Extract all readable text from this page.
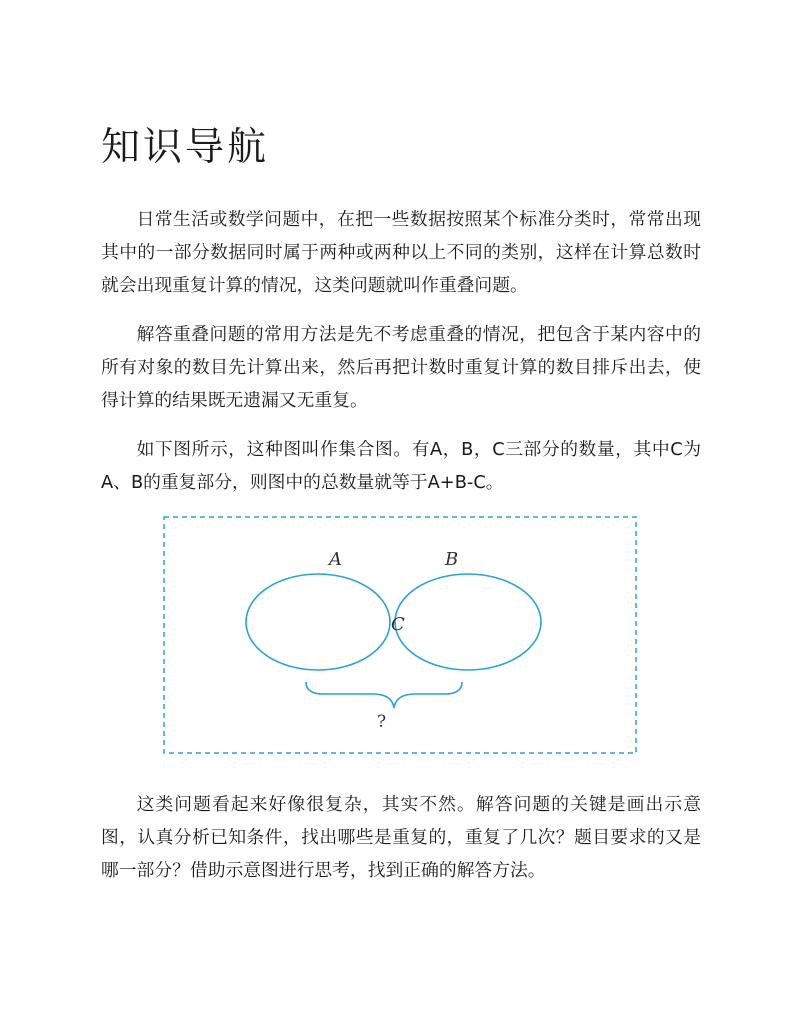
知识导航

日常生活或数学问题中，在把一些数据按照某个标准分类时，常常出现其中的一部分数据同时属于两种或两种以上不同的类别，这样在计算总数时就会出现重复计算的情况，这类问题就叫作重叠问题。

解答重叠问题的常用方法是先不考虑重叠的情况，把包含于某内容中的所有对象的数目先计算出来，然后再把计数时重复计算的数目排斥出去，使得计算的结果既无遗漏又无重复。

如下图所示，这种图叫作集合图。有A，B，C三部分的数量，其中C为A、B的重复部分，则图中的总数量就等于A+B-C。

A	B
C
?

这类问题看起来好像很复杂，其实不然。解答问题的关键是画出示意图，认真分析已知条件，找出哪些是重复的，重复了几次？题目要求的又是哪一部分？借助示意图进行思考，找到正确的解答方法。
